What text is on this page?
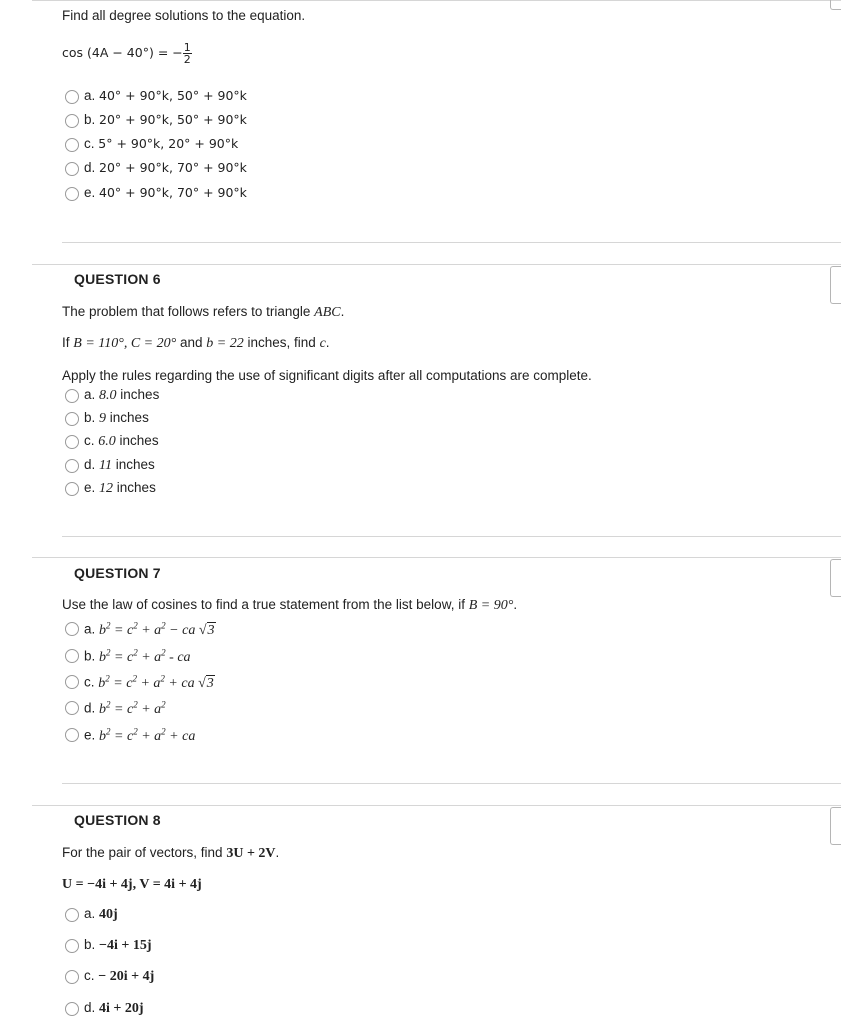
Find all degree solutions to the equation.
cos (4A − 40°) = − $\frac{1}{2}$
a. 40° + 90°k, 50° + 90°k
b. 20° + 90°k, 50° + 90°k
c. 5° + 90°k, 20° + 90°k
d. 20° + 90°k, 70° + 90°k
e. 40° + 90°k, 70° + 90°k
QUESTION 6
The problem that follows refers to triangle ABC.
If B = 110°, C = 20° and b = 22 inches, find c.
Apply the rules regarding the use of significant digits after all computations are complete.
a. 8.0 inches
b. 9 inches
c. 6.0 inches
d. 11 inches
e. 12 inches
QUESTION 7
Use the law of cosines to find a true statement from the list below, if B = 90°.
a. $b^2 = c^2 + a^2$ − ca √3
b. $b^2 = c^2 + a^2$ - ca
c. $b^2 = c^2 + a^2$ + ca √3
d. $b^2 = c^2 + a^2$
e. $b^2 = c^2 + a^2$ + ca
QUESTION 8
For the pair of vectors, find 3U + 2V.
U = −4i + 4j, V = 4i + 4j
a. 40j
b. −4i + 15j
c. − 20i + 4j
d. 4i + 20j
